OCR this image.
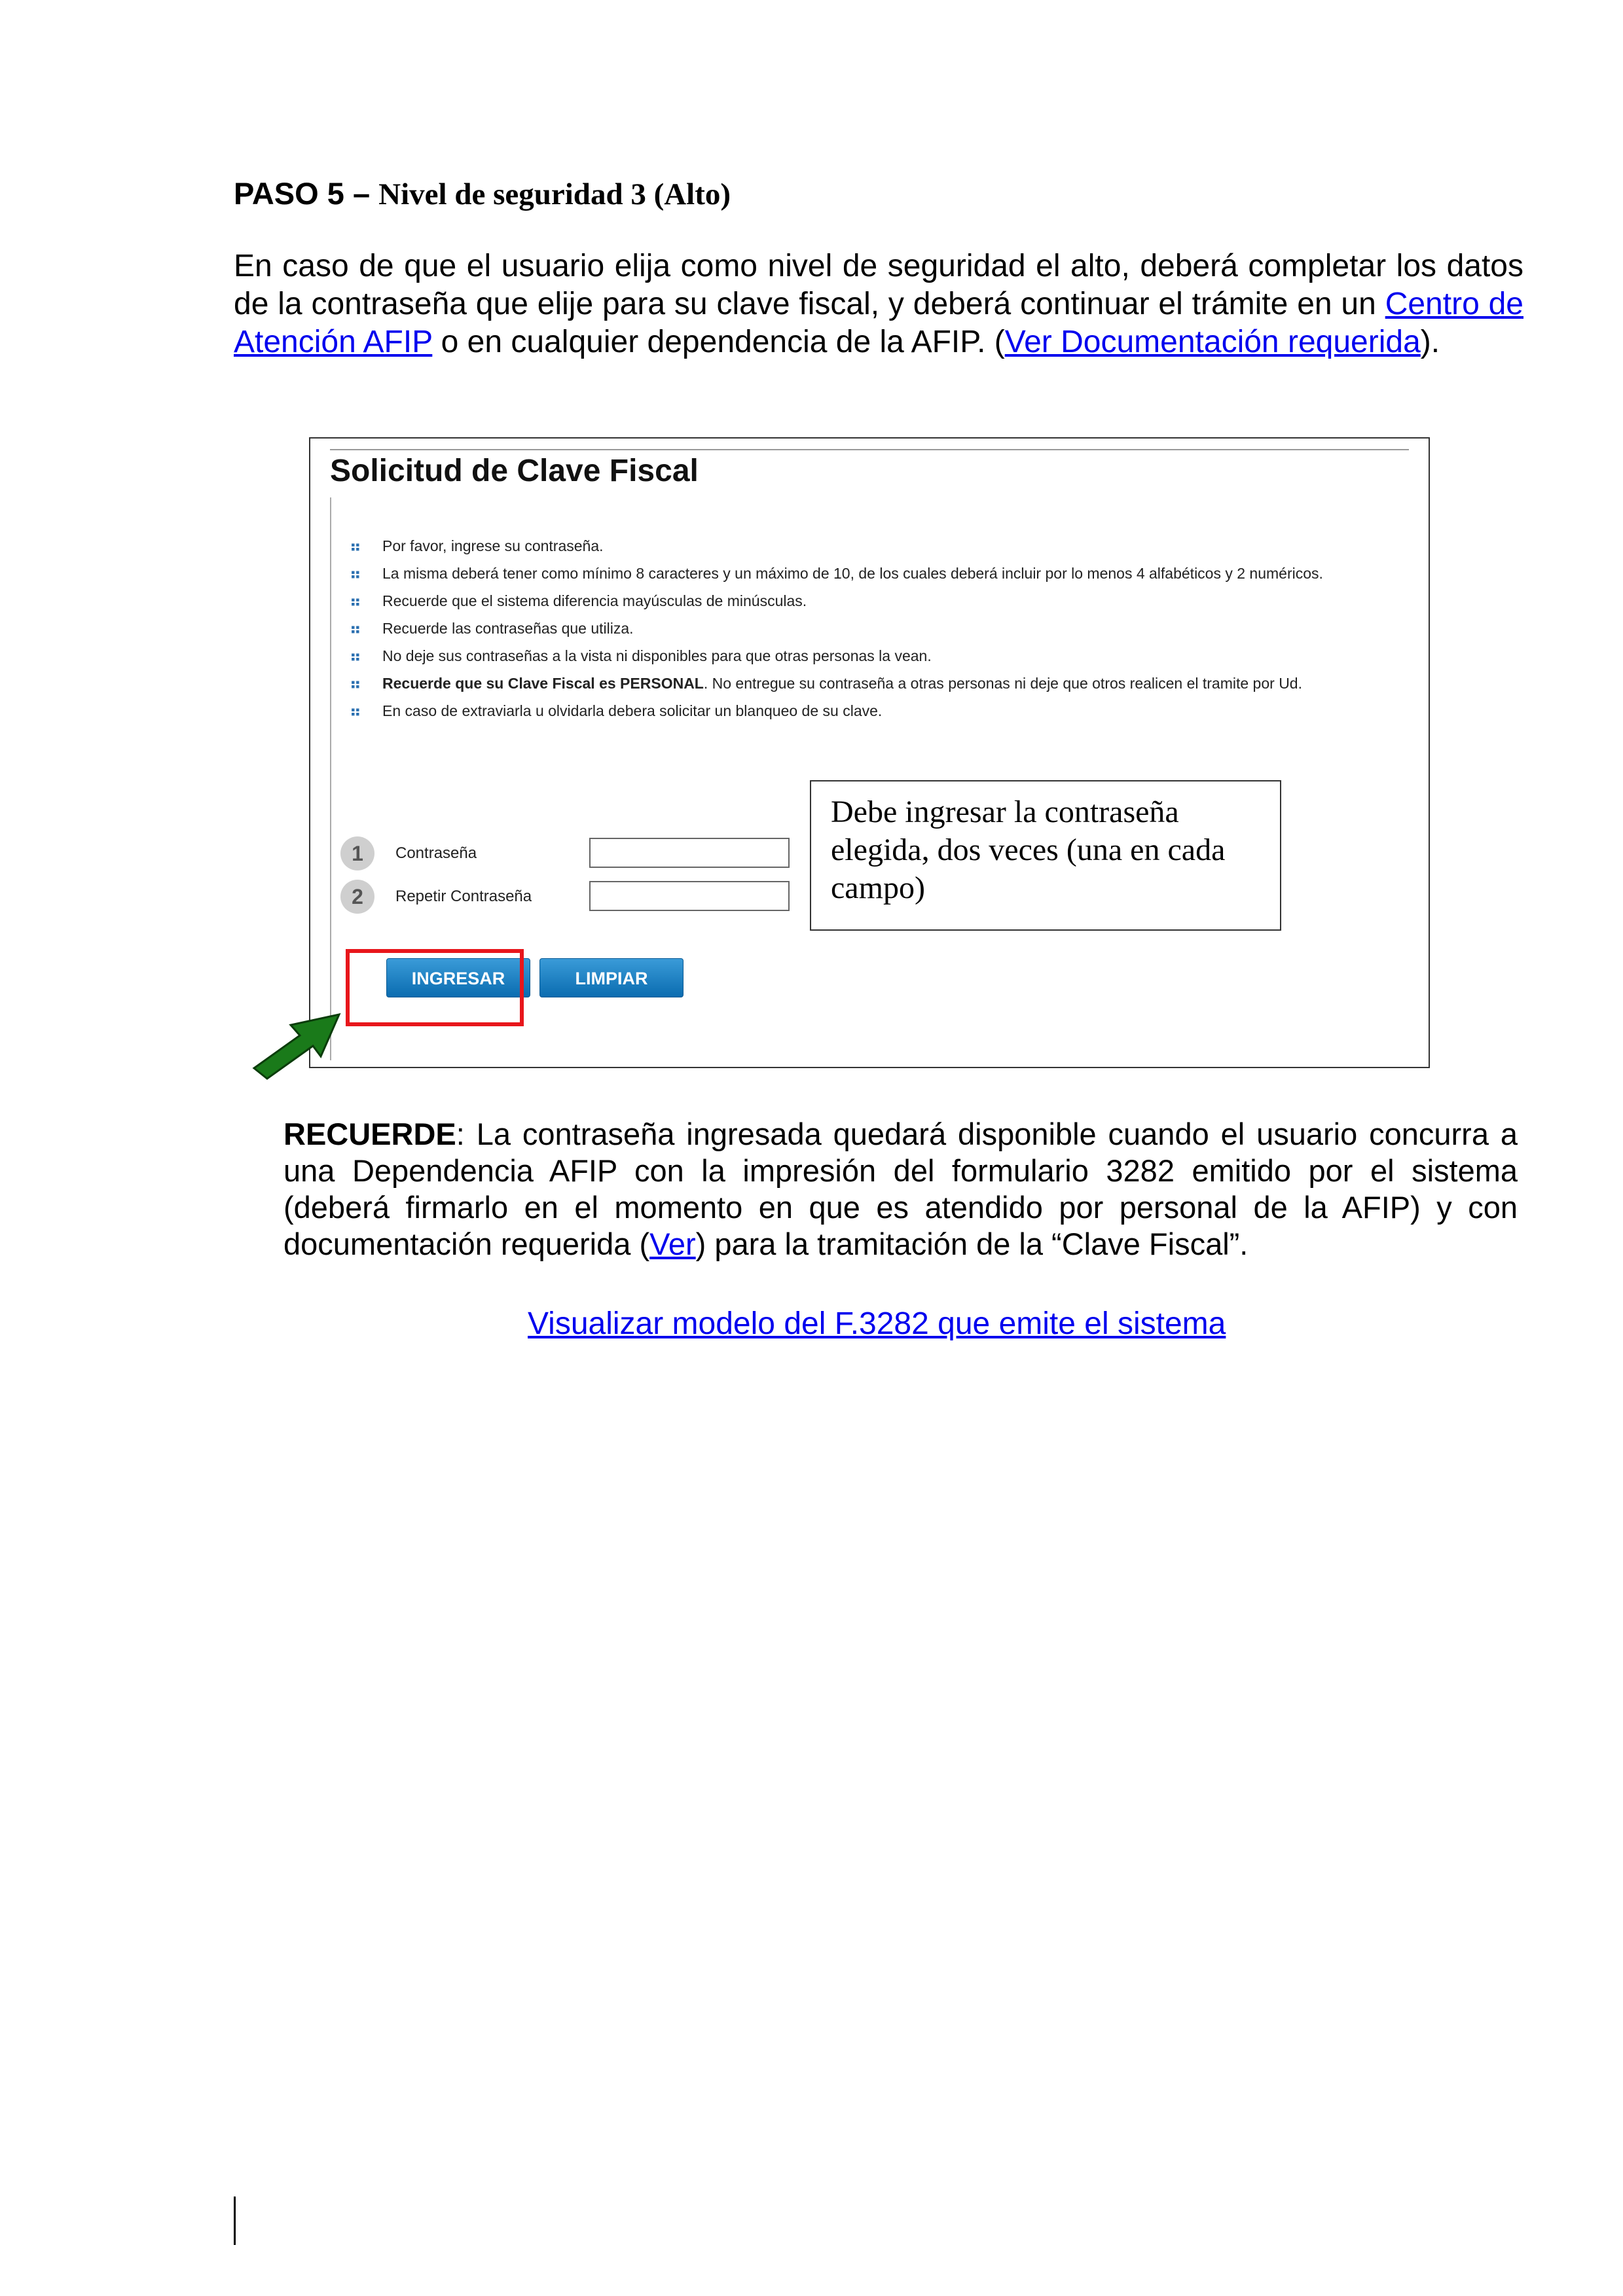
PASO 5 – Nivel de seguridad 3 (Alto)
En caso de que el usuario elija como nivel de seguridad el alto, deberá completar los datos de la contraseña que elije para su clave fiscal, y deberá continuar el trámite en un Centro de Atención AFIP o en cualquier dependencia de la AFIP. (Ver Documentación requerida).
Solicitud de Clave Fiscal
⠶ Por favor, ingrese su contraseña.
⠶ La misma deberá tener como mínimo 8 caracteres y un máximo de 10, de los cuales deberá incluir por lo menos 4 alfabéticos y 2 numéricos.
⠶ Recuerde que el sistema diferencia mayúsculas de minúsculas.
⠶ Recuerde las contraseñas que utiliza.
⠶ No deje sus contraseñas a la vista ni disponibles para que otras personas la vean.
⠶ Recuerde que su Clave Fiscal es PERSONAL. No entregue su contraseña a otras personas ni deje que otros realicen el tramite por Ud.
⠶ En caso de extraviarla u olvidarla debera solicitar un blanqueo de su clave.
1	Contraseña
2	Repetir Contraseña
INGRESAR	LIMPIAR
Debe ingresar la contraseña elegida, dos veces (una en cada campo)
RECUERDE: La contraseña ingresada quedará disponible cuando el usuario concurra a una Dependencia AFIP con la impresión del formulario 3282 emitido por el sistema (deberá firmarlo en el momento en que es atendido por personal de la AFIP) y con documentación requerida (Ver) para la tramitación de la “Clave Fiscal”.
Visualizar modelo del F.3282 que emite el sistema
